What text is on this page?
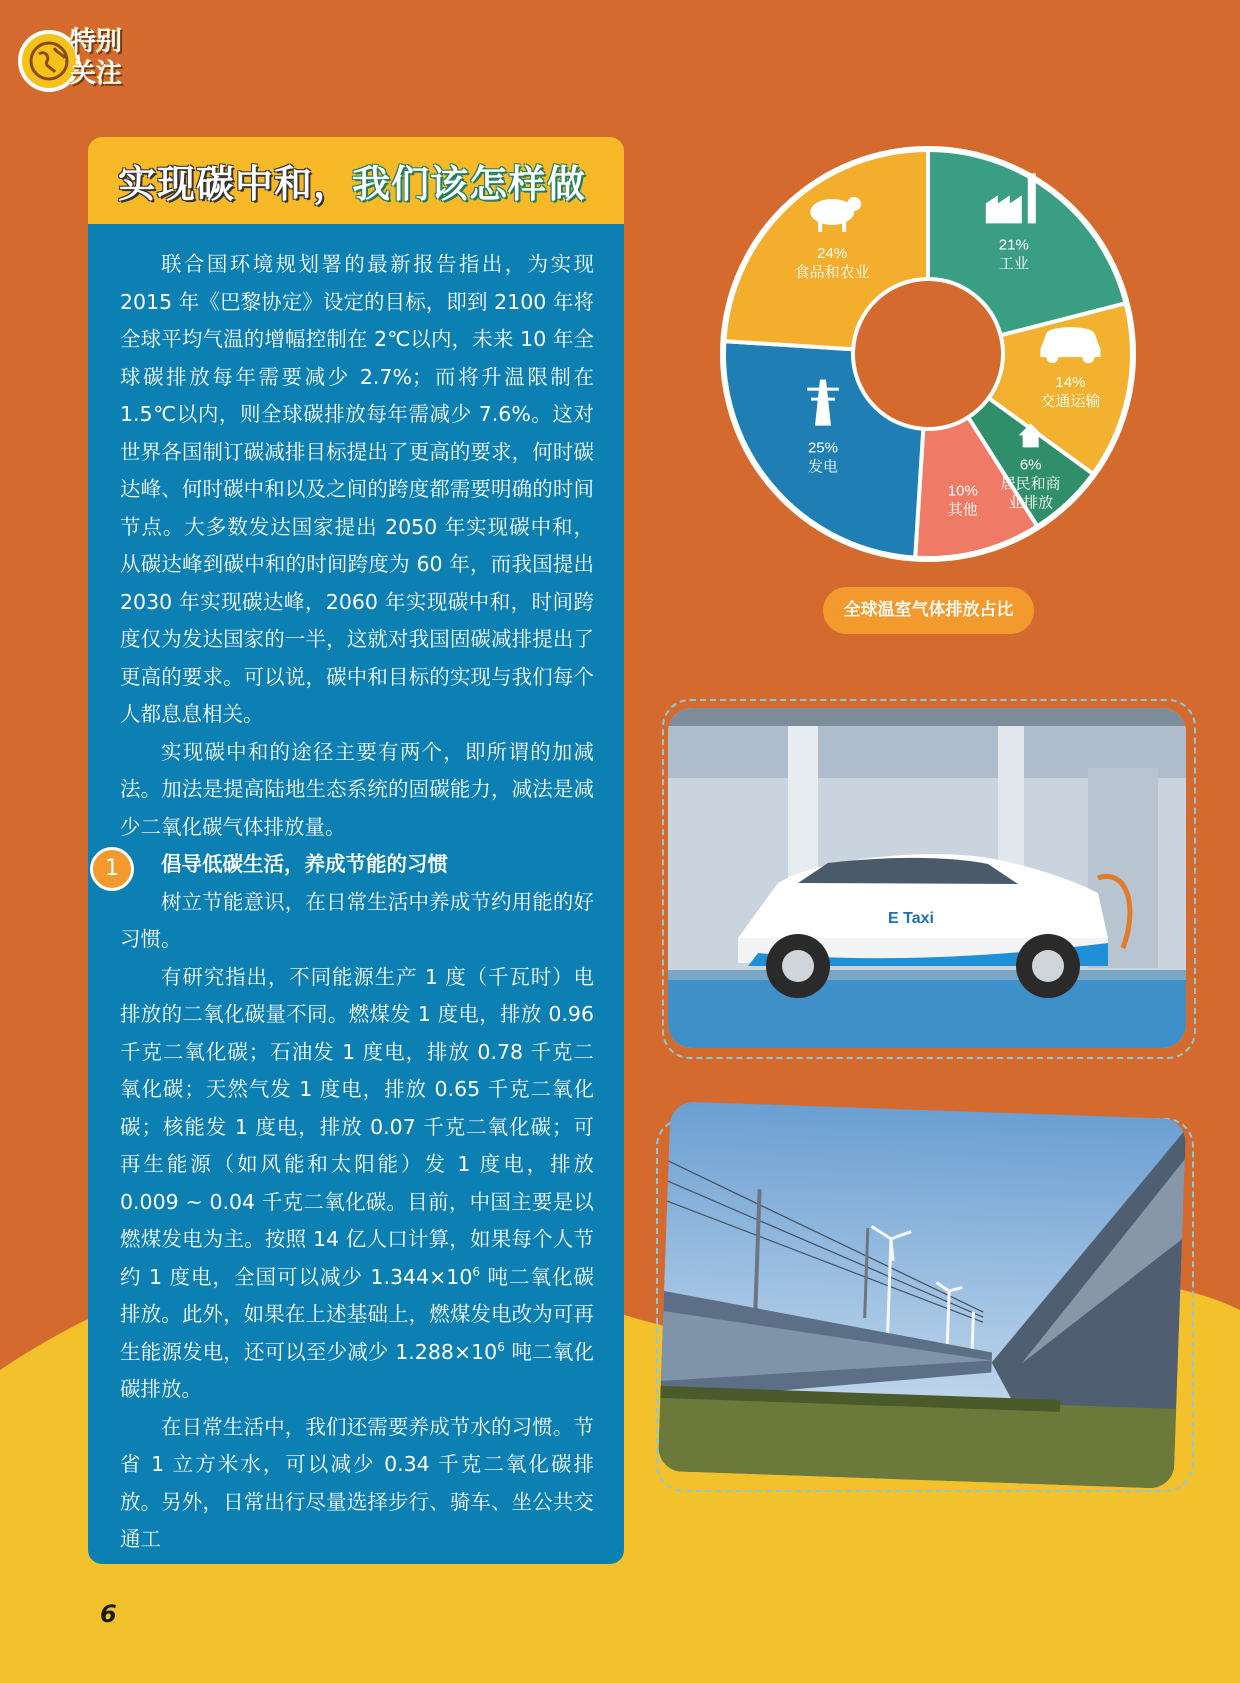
特别
关注
实现碳中和，我们该怎样做

联合国环境规划署的最新报告指出，为实现 2015 年《巴黎协定》设定的目标，即到 2100 年将全球平均气温的增幅控制在 2℃以内，未来 10 年全球碳排放每年需要减少 2.7%；而将升温限制在 1.5℃以内，则全球碳排放每年需减少 7.6%。这对世界各国制订碳减排目标提出了更高的要求，何时碳达峰、何时碳中和以及之间的跨度都需要明确的时间节点。大多数发达国家提出 2050 年实现碳中和，从碳达峰到碳中和的时间跨度为 60 年，而我国提出 2030 年实现碳达峰，2060 年实现碳中和，时间跨度仅为发达国家的一半，这就对我国固碳减排提出了更高的要求。可以说，碳中和目标的实现与我们每个人都息息相关。

实现碳中和的途径主要有两个，即所谓的加减法。加法是提高陆地生态系统的固碳能力，减法是减少二氧化碳气体排放量。

1	倡导低碳生活，养成节能的习惯

树立节能意识，在日常生活中养成节约用能的好习惯。

有研究指出，不同能源生产 1 度（千瓦时）电排放的二氧化碳量不同。燃煤发 1 度电，排放 0.96 千克二氧化碳；石油发 1 度电，排放 0.78 千克二氧化碳；天然气发 1 度电，排放 0.65 千克二氧化碳；核能发 1 度电，排放 0.07 千克二氧化碳；可再生能源（如风能和太阳能）发 1 度电，排放 0.009 ~ 0.04 千克二氧化碳。目前，中国主要是以燃煤发电为主。按照 14 亿人口计算，如果每个人节约 1 度电，全国可以减少 $1.344\times 10^6$ 吨二氧化碳排放。此外，如果在上述基础上，燃煤发电改为可再生能源发电，还可以至少减少 $1.288\times 10^6$ 吨二氧化碳排放。

在日常生活中，我们还需要养成节水的习惯。节省 1 立方米水，可以减少 0.34 千克二氧化碳排放。另外，日常出行尽量选择步行、骑车、坐公共交通工

21%工业
14%交通运输
6%居民和商业排放
10%其他
25%发电
24%食品和农业
全球温室气体排放占比
E Taxi
6
